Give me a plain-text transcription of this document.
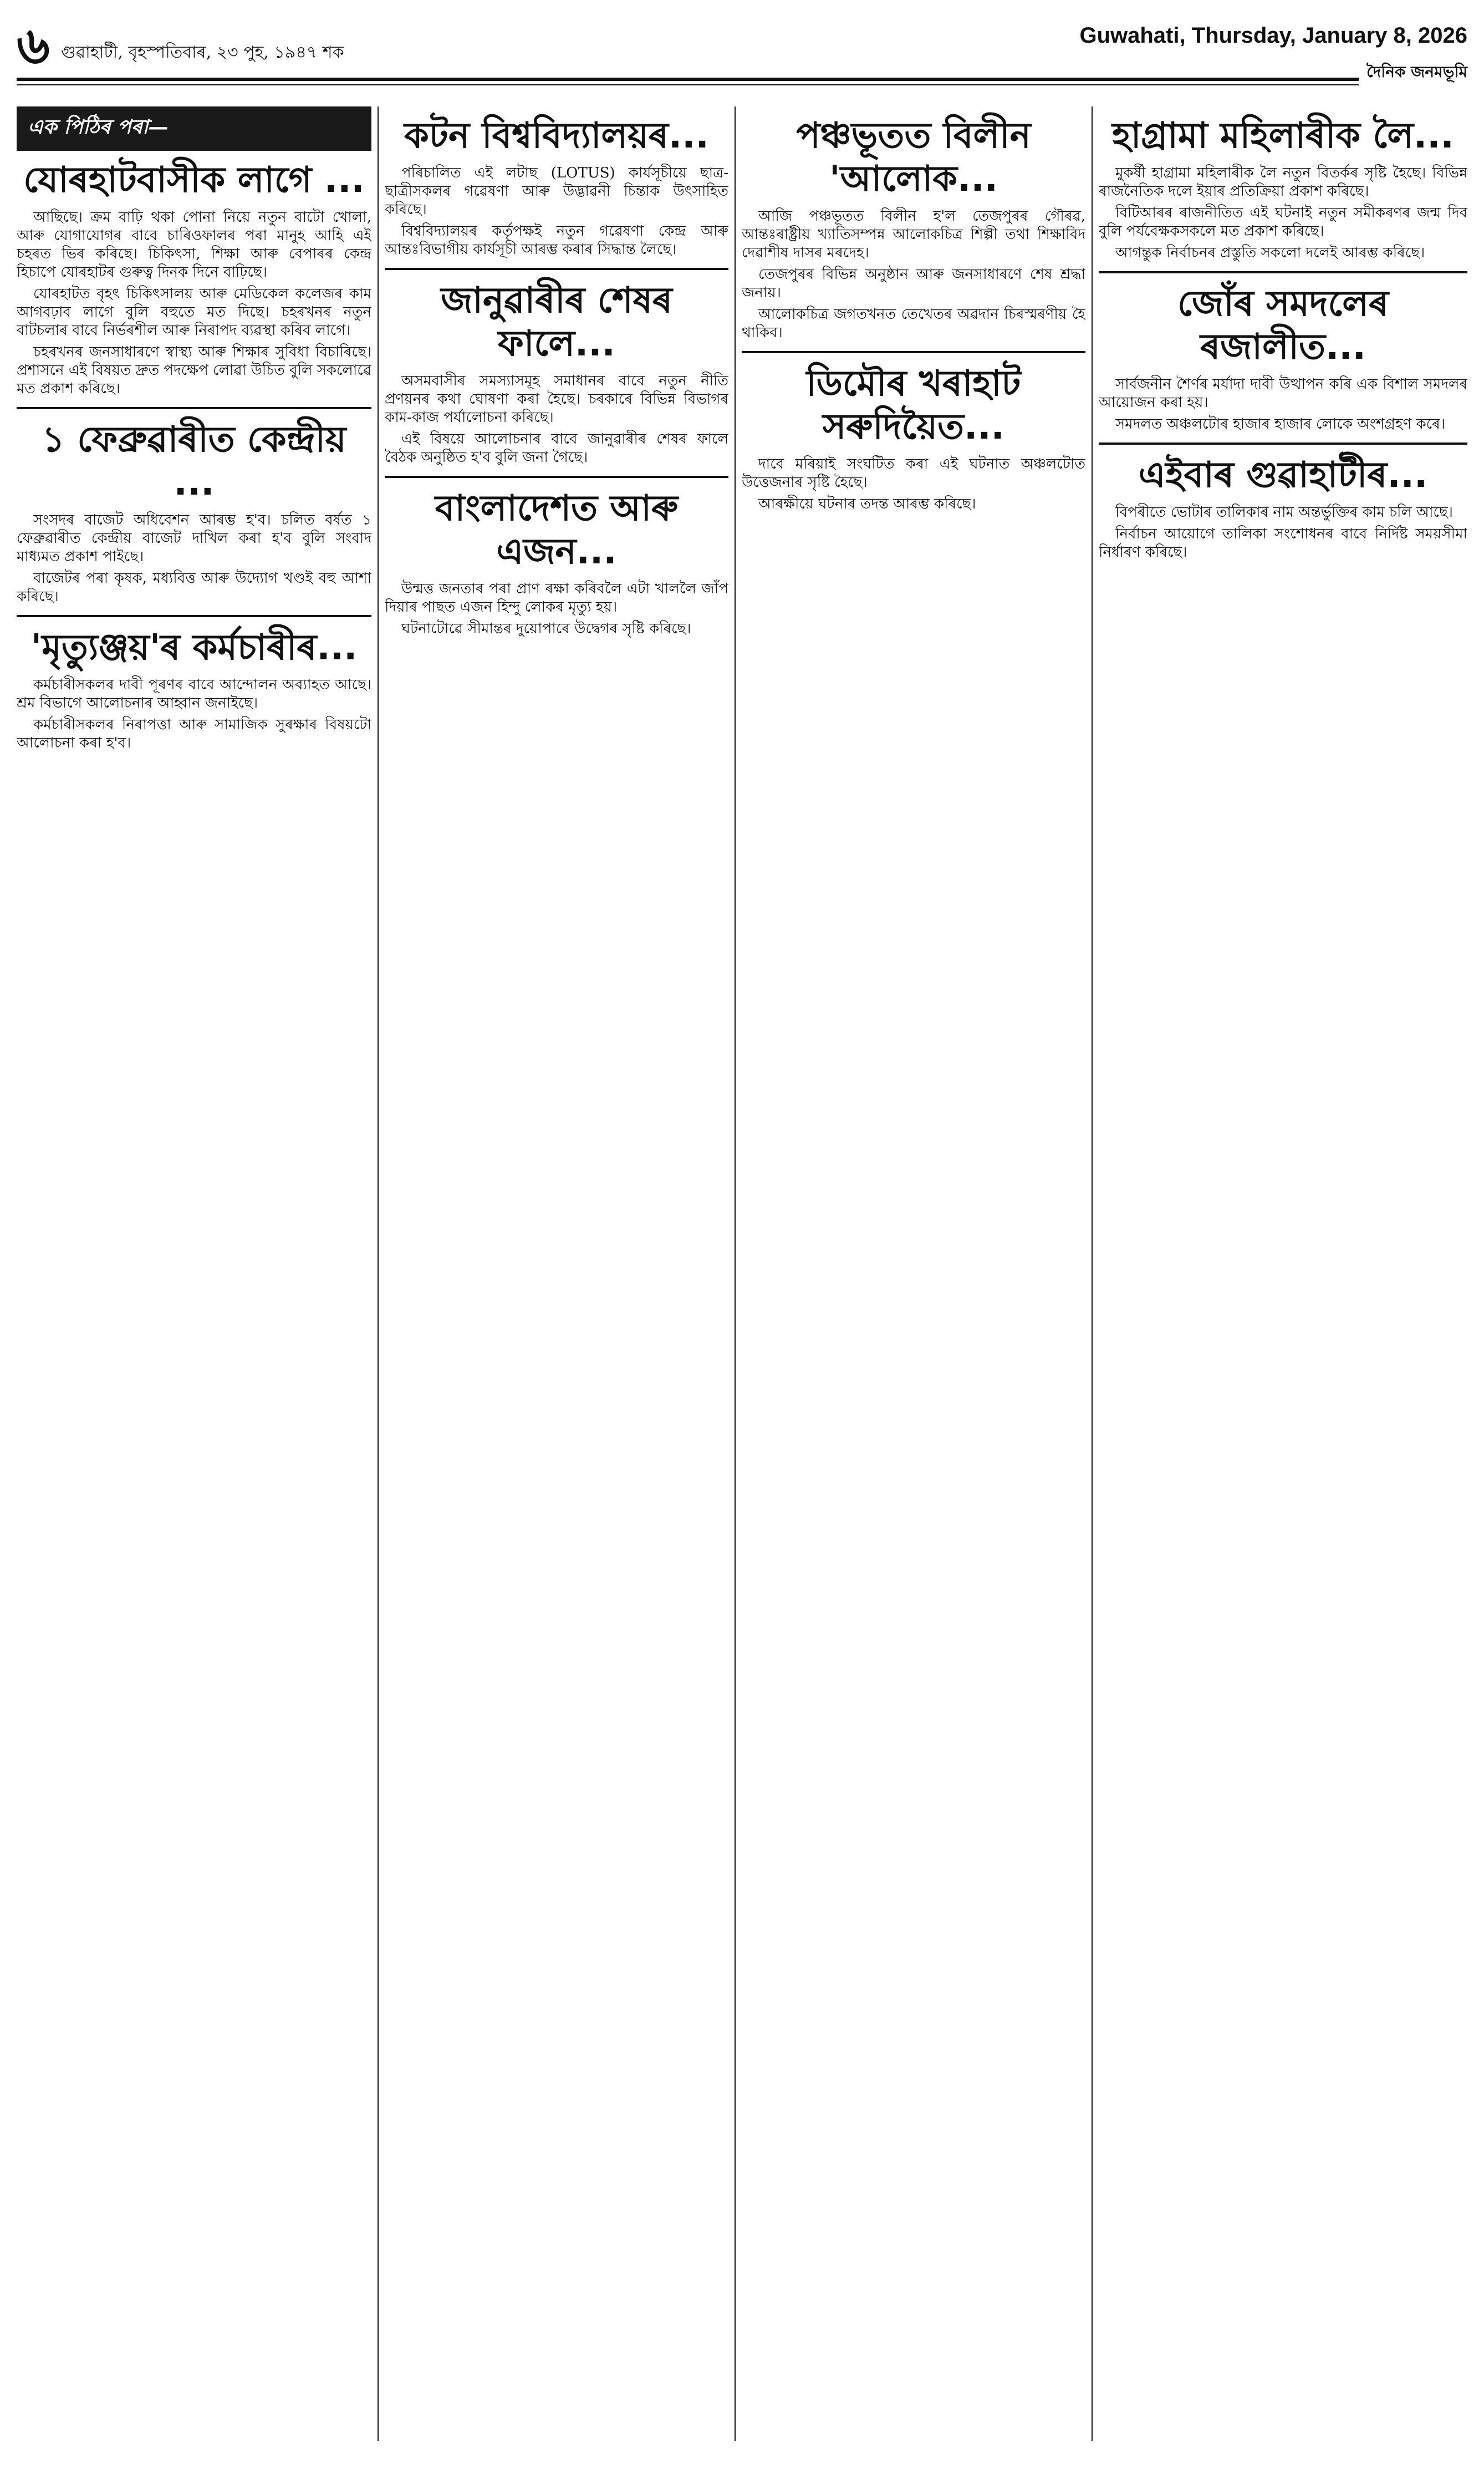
৬ গুৱাহাটী, বৃহস্পতিবাৰ, ২৩ পুহ, ১৯৪৭ শক
Guwahati, Thursday, January 8, 2026
দৈনিক জনমভূমি
এক পিঠিৰ পৰা—
যোৰহাটবাসীক লাগে ...

আছিছে। ক্ৰম বাঢ়ি থকা পোনা নিয়ে নতুন বাটো খোলা, আৰু যোগাযোগৰ বাবে চাৰিওফালৰ পৰা মানুহ আহি এই চহৰত ভিৰ কৰিছে। চিকিৎসা, শিক্ষা আৰু বেপাৰৰ কেন্দ্ৰ হিচাপে যোৰহাটৰ গুৰুত্ব দিনক দিনে বাঢ়িছে।

যোৰহাটত বৃহৎ চিকিৎসালয় আৰু মেডিকেল কলেজৰ কাম আগবঢ়াব লাগে বুলি বহুতে মত দিছে। চহৰখনৰ নতুন বাটচলাৰ বাবে নিৰ্ভৰশীল আৰু নিৰাপদ ব্যৱস্থা কৰিব লাগে।

চহৰখনৰ জনসাধাৰণে স্বাস্থ্য আৰু শিক্ষাৰ সুবিধা বিচাৰিছে। প্ৰশাসনে এই বিষয়ত দ্ৰুত পদক্ষেপ লোৱা উচিত বুলি সকলোৱে মত প্ৰকাশ কৰিছে।

১ ফেব্ৰুৱাৰীত কেন্দ্ৰীয় ...

সংসদৰ বাজেট অধিবেশন আৰম্ভ হ'ব। চলিত বৰ্ষত ১ ফেব্ৰুৱাৰীত কেন্দ্ৰীয় বাজেট দাখিল কৰা হ'ব বুলি সংবাদ মাধ্যমত প্ৰকাশ পাইছে।

বাজেটৰ পৰা কৃষক, মধ্যবিত্ত আৰু উদ্যোগ খণ্ডই বহু আশা কৰিছে।

'মৃত্যুঞ্জয়'ৰ কৰ্মচাৰীৰ...

কৰ্মচাৰীসকলৰ দাবী পূৰণৰ বাবে আন্দোলন অব্যাহত আছে। শ্ৰম বিভাগে আলোচনাৰ আহ্বান জনাইছে।

কৰ্মচাৰীসকলৰ নিৰাপত্তা আৰু সামাজিক সুৰক্ষাৰ বিষয়টো আলোচনা কৰা হ'ব।

কটন বিশ্ববিদ্যালয়ৰ...

পৰিচালিত এই লটাছ (LOTUS) কাৰ্যসূচীয়ে ছাত্ৰ-ছাত্ৰীসকলৰ গৱেষণা আৰু উদ্ভাৱনী চিন্তাক উৎসাহিত কৰিছে।

বিশ্ববিদ্যালয়ৰ কৰ্তৃপক্ষই নতুন গৱেষণা কেন্দ্ৰ আৰু আন্তঃবিভাগীয় কাৰ্যসূচী আৰম্ভ কৰাৰ সিদ্ধান্ত লৈছে।

জানুৱাৰীৰ শেষৰ ফালে...

অসমবাসীৰ সমস্যাসমূহ সমাধানৰ বাবে নতুন নীতি প্ৰণয়নৰ কথা ঘোষণা কৰা হৈছে। চৰকাৰে বিভিন্ন বিভাগৰ কাম-কাজ পৰ্যালোচনা কৰিছে।

এই বিষয়ে আলোচনাৰ বাবে জানুৱাৰীৰ শেষৰ ফালে বৈঠক অনুষ্ঠিত হ'ব বুলি জনা গৈছে।

বাংলাদেশত আৰু এজন...

উন্মত্ত জনতাৰ পৰা প্ৰাণ ৰক্ষা কৰিবলৈ এটা খাললৈ জাঁপ দিয়াৰ পাছত এজন হিন্দু লোকৰ মৃত্যু হয়।

ঘটনাটোৱে সীমান্তৰ দুয়োপাৰে উদ্বেগৰ সৃষ্টি কৰিছে।

পঞ্চভূতত বিলীন 'আলোক...

আজি পঞ্চভূতত বিলীন হ'ল তেজপুৰৰ গৌৰৱ, আন্তঃৰাষ্ট্ৰীয় খ্যাতিসম্পন্ন আলোকচিত্ৰ শিল্পী তথা শিক্ষাবিদ দেৱাশীষ দাসৰ মৰদেহ।

তেজপুৰৰ বিভিন্ন অনুষ্ঠান আৰু জনসাধাৰণে শেষ শ্ৰদ্ধা জনায়।

আলোকচিত্ৰ জগতখনত তেখেতৰ অৱদান চিৰস্মৰণীয় হৈ থাকিব।

ডিমৌৰ খৰাহাট সৰুদিয়ৈত...

দাবে মৰিয়াই সংঘটিত কৰা এই ঘটনাত অঞ্চলটোত উত্তেজনাৰ সৃষ্টি হৈছে।

আৰক্ষীয়ে ঘটনাৰ তদন্ত আৰম্ভ কৰিছে।

হাগ্ৰামা মহিলাৰীক লৈ...

মুকৰ্ষী হাগ্ৰামা মহিলাৰীক লৈ নতুন বিতৰ্কৰ সৃষ্টি হৈছে। বিভিন্ন ৰাজনৈতিক দলে ইয়াৰ প্ৰতিক্ৰিয়া প্ৰকাশ কৰিছে।

বিটিআৰৰ ৰাজনীতিত এই ঘটনাই নতুন সমীকৰণৰ জন্ম দিব বুলি পৰ্যবেক্ষকসকলে মত প্ৰকাশ কৰিছে।

আগন্তুক নিৰ্বাচনৰ প্ৰস্তুতি সকলো দলেই আৰম্ভ কৰিছে।

জোঁৰ সমদলেৰ ৰজালীত...

সাৰ্বজনীন শৈৰ্ণৰ মৰ্যাদা দাবী উত্থাপন কৰি এক বিশাল সমদলৰ আয়োজন কৰা হয়।

সমদলত অঞ্চলটোৰ হাজাৰ হাজাৰ লোকে অংশগ্ৰহণ কৰে।

এইবাৰ গুৱাহাটীৰ...

বিপৰীতে ভোটাৰ তালিকাৰ নাম অন্তৰ্ভুক্তিৰ কাম চলি আছে।

নিৰ্বাচন আয়োগে তালিকা সংশোধনৰ বাবে নিৰ্দিষ্ট সময়সীমা নিৰ্ধাৰণ কৰিছে।
